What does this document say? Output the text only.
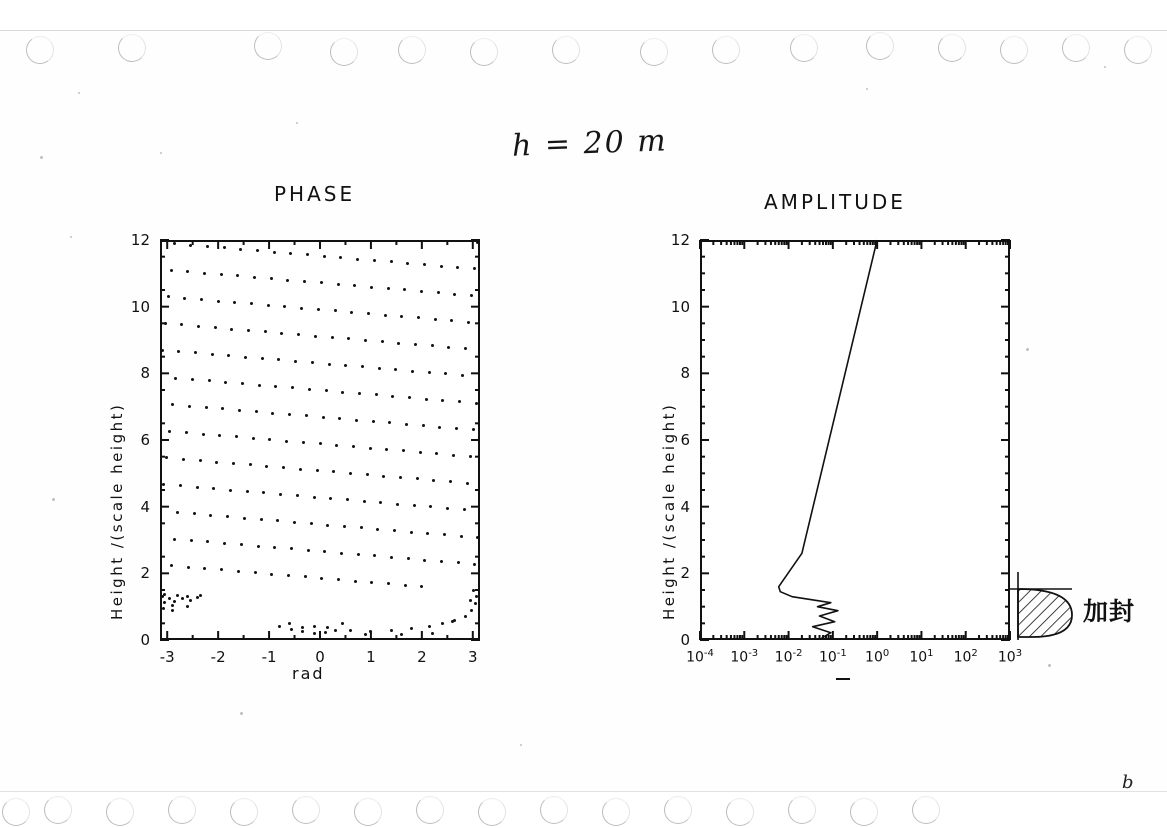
h = 20 m
PHASE
Height /(scale height)
rad
AMPLITUDE
Height /(scale height)
-3	-2	-1	0	1	2	3
0
2
4
6
8
10
12
$10^{-4}$	$10^{-3}$	$10^{-2}$	$10^{-1}$	$10^0$	$10^1$	$10^2$	$10^3$
0
2
4
6
8
10
12
加封
b
